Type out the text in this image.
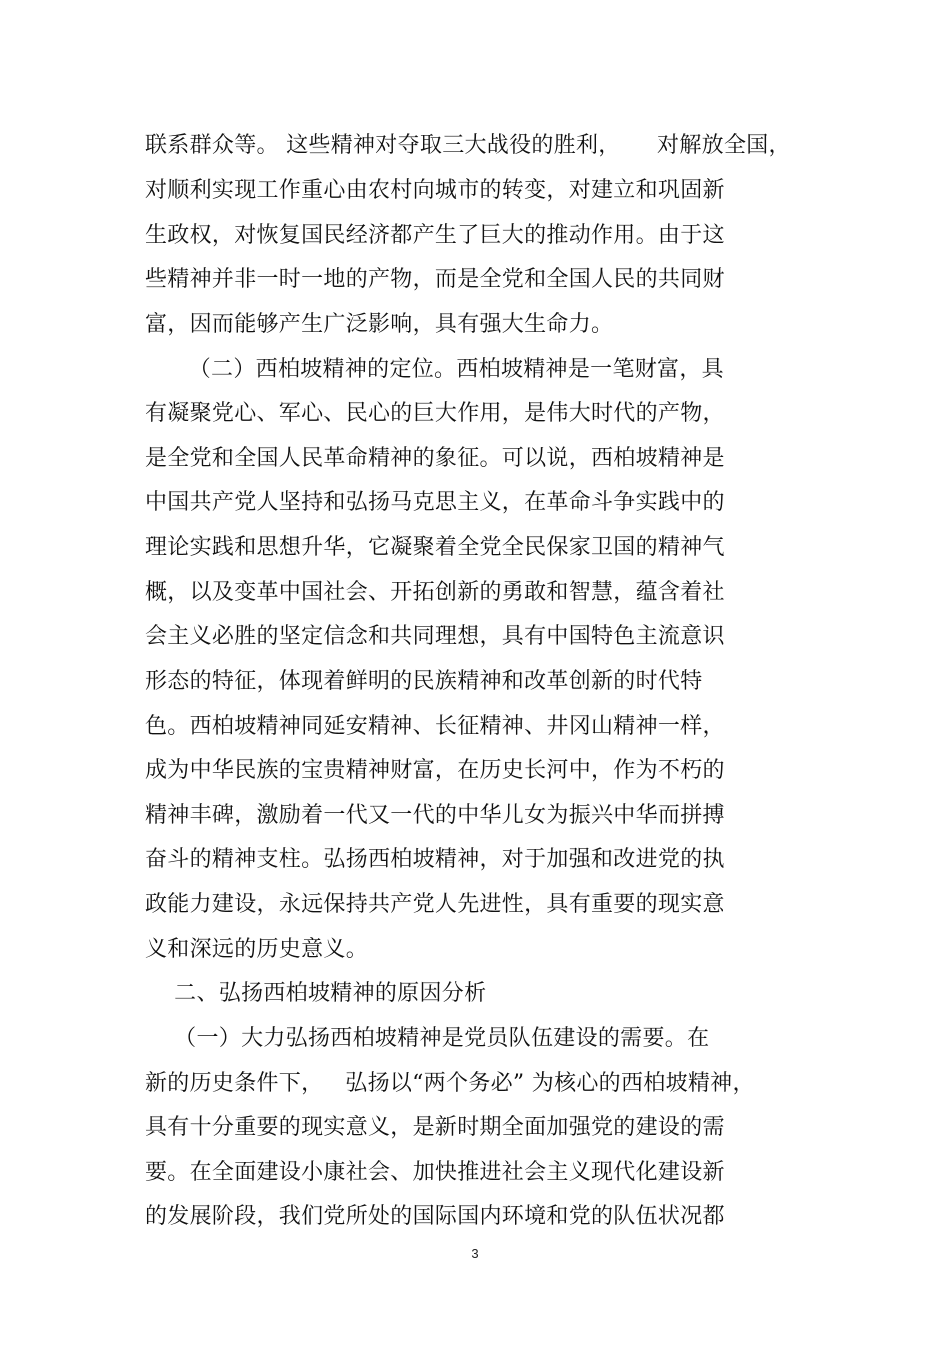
联系群众等。 这些精神对夺取三大战役的胜利，     对解放全国，
对顺利实现工作重心由农村向城市的转变，对建立和巩固新
生政权，对恢复国民经济都产生了巨大的推动作用。由于这
些精神并非一时一地的产物，而是全党和全国人民的共同财
富，因而能够产生广泛影响，具有强大生命力。
（二）西柏坡精神的定位。西柏坡精神是一笔财富，具
有凝聚党心、军心、民心的巨大作用，是伟大时代的产物，
是全党和全国人民革命精神的象征。可以说，西柏坡精神是
中国共产党人坚持和弘扬马克思主义，在革命斗争实践中的
理论实践和思想升华，它凝聚着全党全民保家卫国的精神气
概，以及变革中国社会、开拓创新的勇敢和智慧，蕴含着社
会主义必胜的坚定信念和共同理想，具有中国特色主流意识
形态的特征，体现着鲜明的民族精神和改革创新的时代特
色。西柏坡精神同延安精神、长征精神、井冈山精神一样，
成为中华民族的宝贵精神财富，在历史长河中，作为不朽的
精神丰碑，激励着一代又一代的中华儿女为振兴中华而拼搏
奋斗的精神支柱。弘扬西柏坡精神，对于加强和改进党的执
政能力建设，永远保持共产党人先进性，具有重要的现实意
义和深远的历史意义。
二、弘扬西柏坡精神的原因分析
（一）大力弘扬西柏坡精神是党员队伍建设的需要。在
新的历史条件下，   弘扬以“两个务必” 为核心的西柏坡精神，
具有十分重要的现实意义，是新时期全面加强党的建设的需
要。在全面建设小康社会、加快推进社会主义现代化建设新
的发展阶段，我们党所处的国际国内环境和党的队伍状况都
3
